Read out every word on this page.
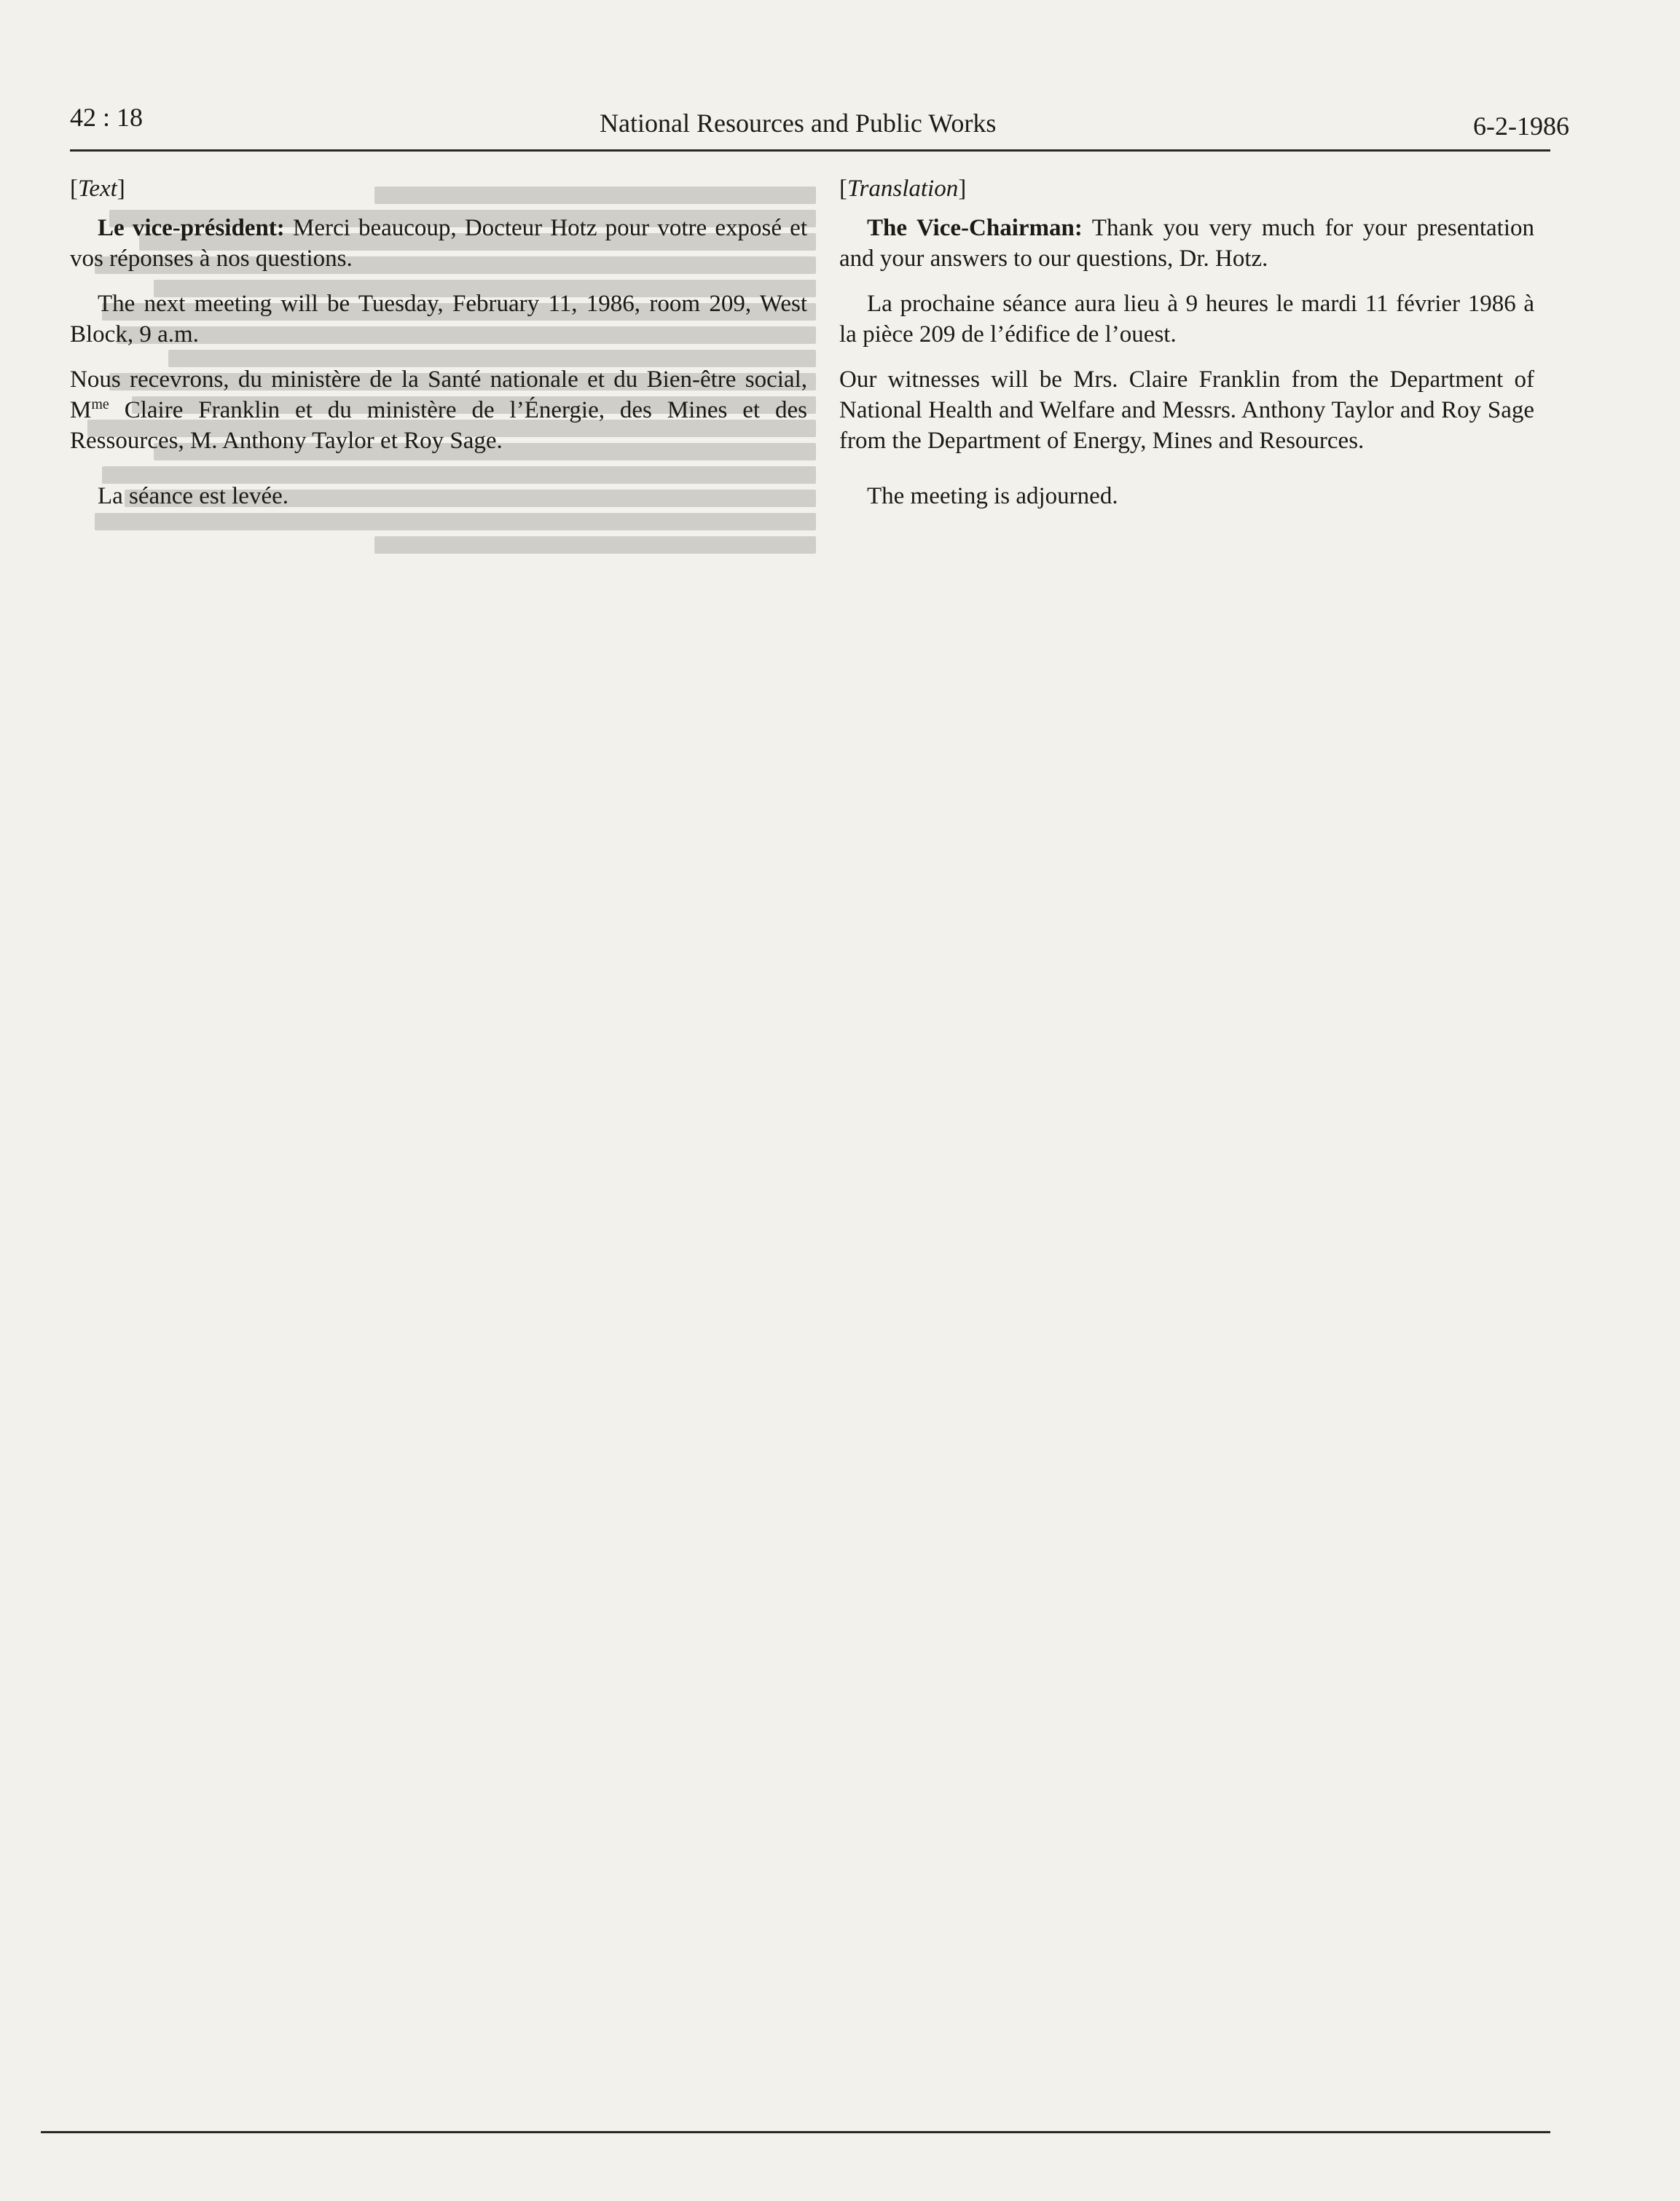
42 : 18	National Resources and Public Works	6-2-1986

[Text]

Le vice-président: Merci beaucoup, Docteur Hotz pour votre exposé et vos réponses à nos questions.

The next meeting will be Tuesday, February 11, 1986, room 209, West Block, 9 a.m.

Nous recevrons, du ministère de la Santé nationale et du Bien-être social, $M^{me}$ Claire Franklin et du ministère de l’Énergie, des Mines et des Ressources, M. Anthony Taylor et Roy Sage.

La séance est levée.

[Translation]

The Vice-Chairman: Thank you very much for your presentation and your answers to our questions, Dr. Hotz.

La prochaine séance aura lieu à 9 heures le mardi 11 février 1986 à la pièce 209 de l’édifice de l’ouest.

Our witnesses will be Mrs. Claire Franklin from the Department of National Health and Welfare and Messrs. Anthony Taylor and Roy Sage from the Department of Energy, Mines and Resources.

The meeting is adjourned.
